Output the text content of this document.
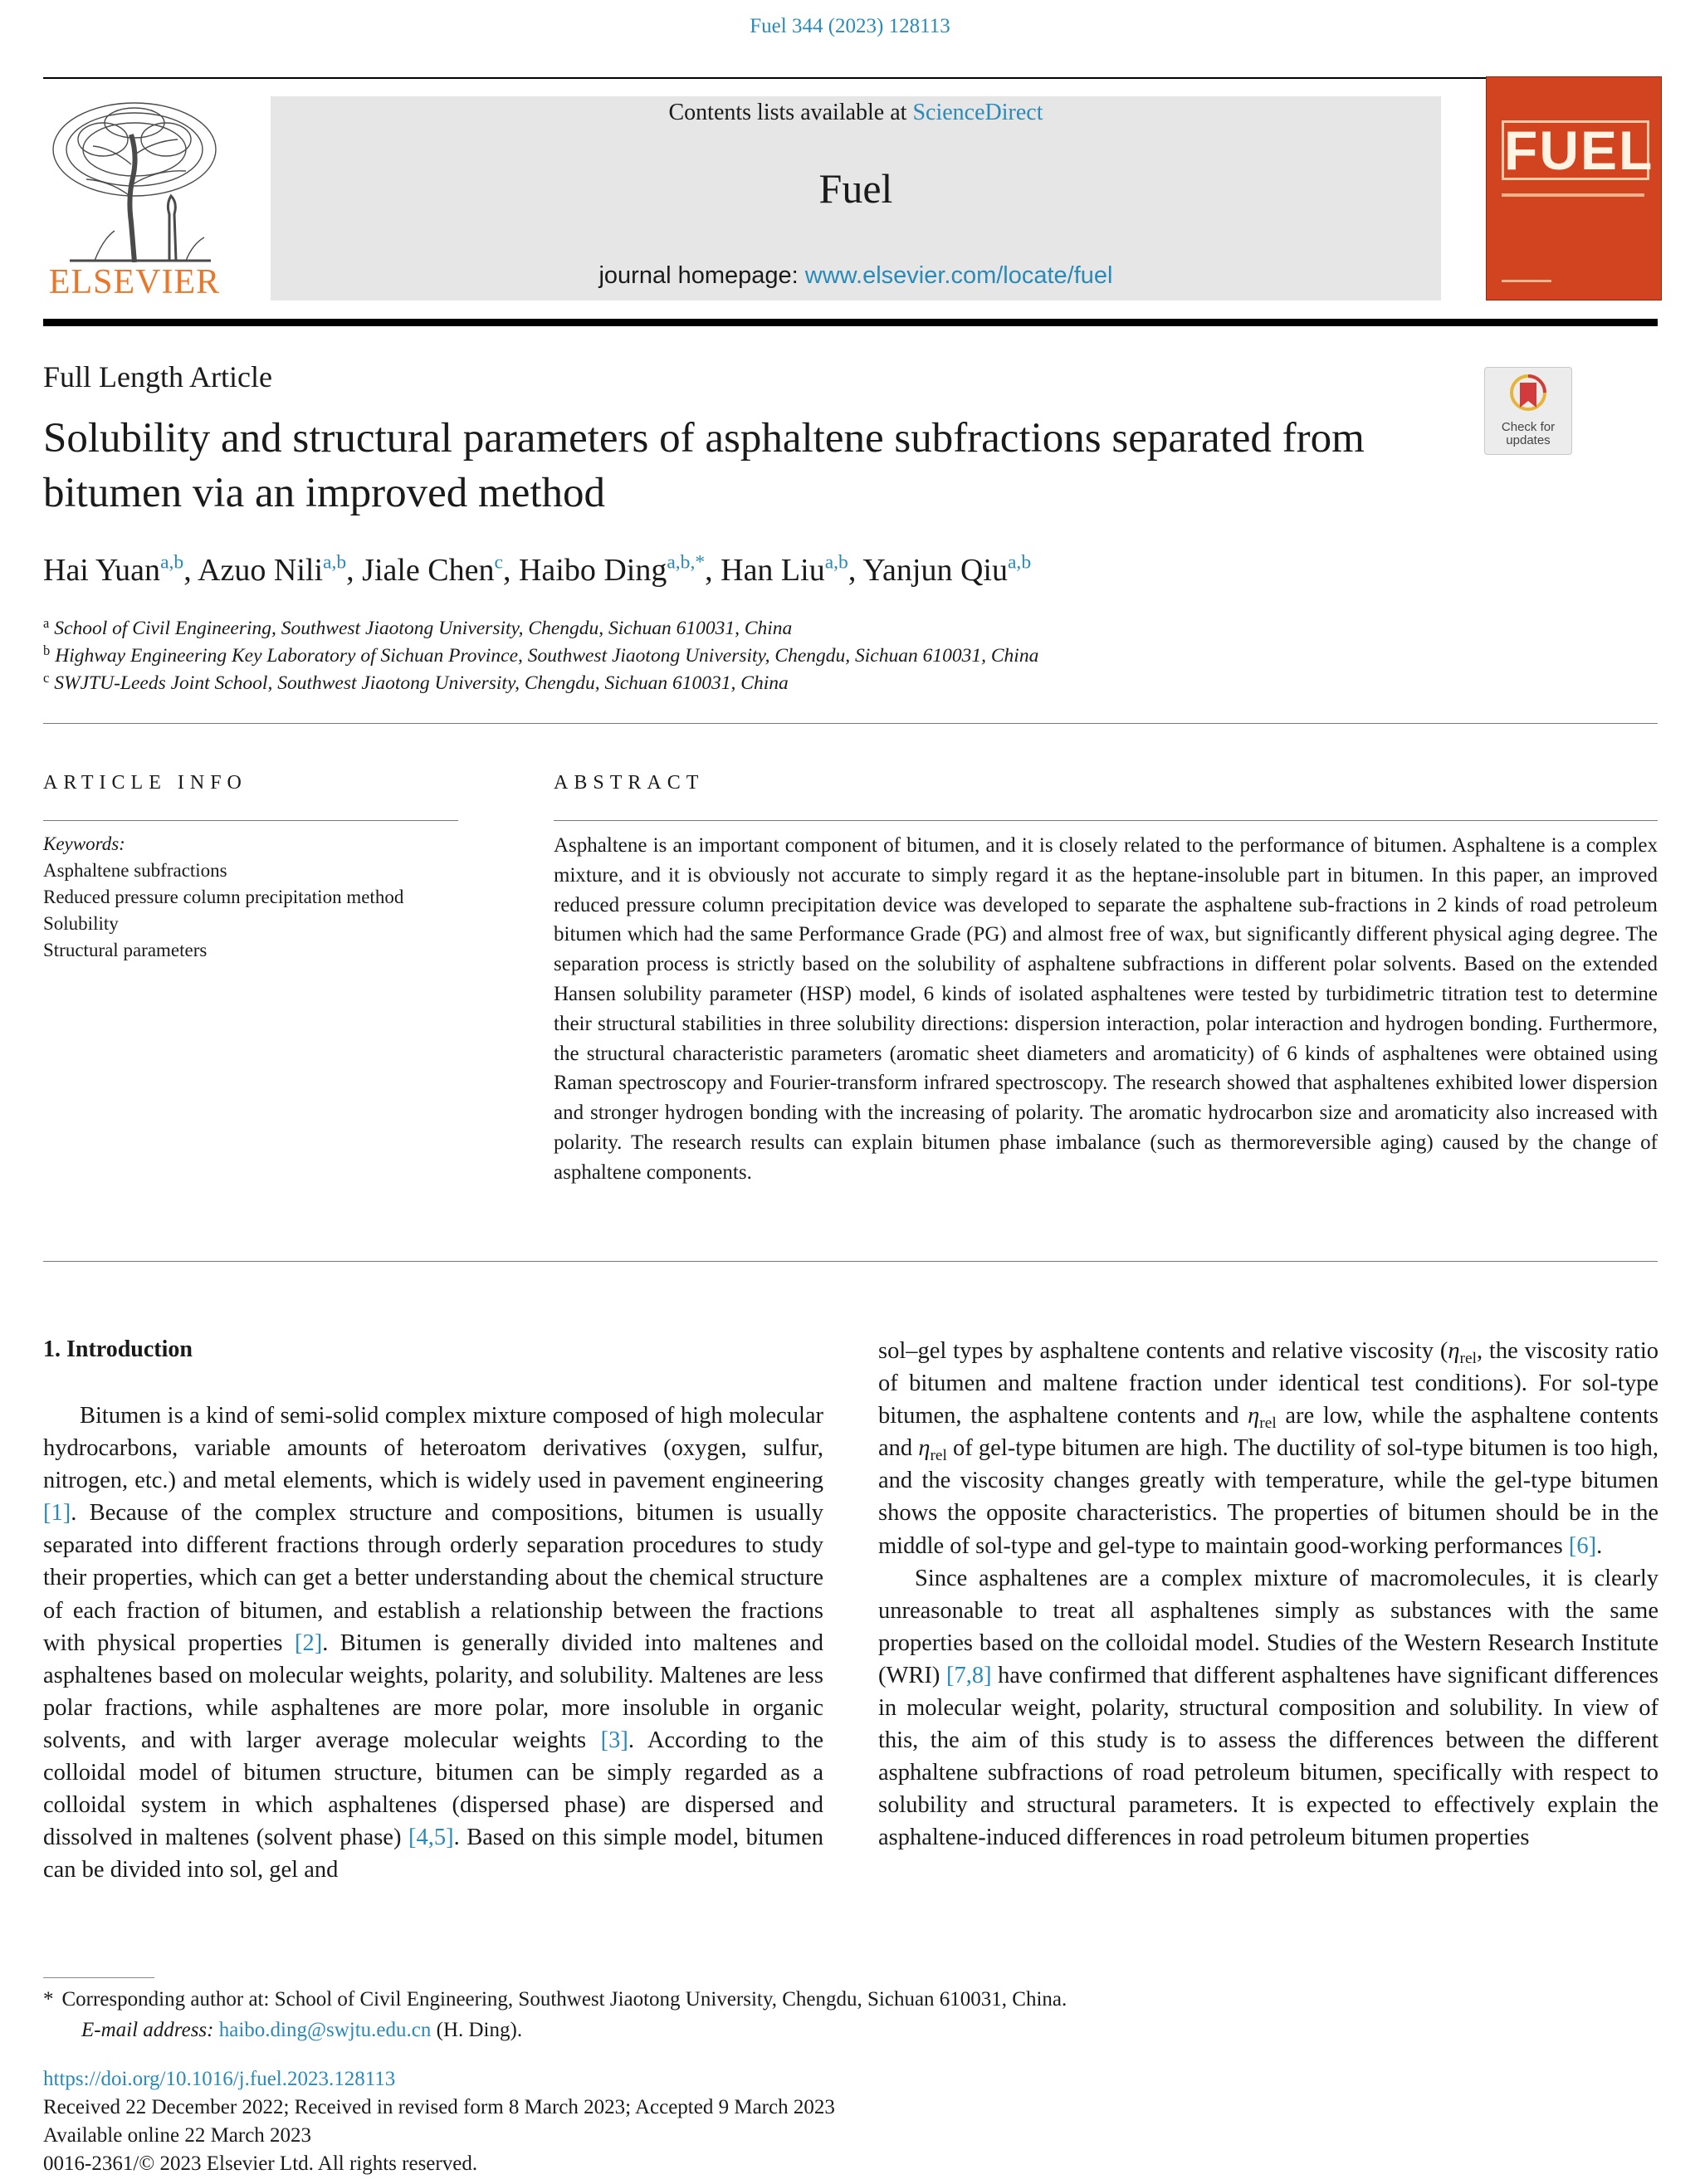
Fuel 344 (2023) 128113
ELSEVIER
Contents lists available at ScienceDirect
Fuel
journal homepage: www.elsevier.com/locate/fuel
FUEL
Full Length Article
Check for updates
Solubility and structural parameters of asphaltene subfractions separated from bitumen via an improved method
Hai Yuan$^{a,b}$, Azuo Nili$^{a,b}$, Jiale Chen$^c$, Haibo Ding$^{a,b,*}$, Han Liu$^{a,b}$, Yanjun Qiu$^{a,b}$
$^a$ School of Civil Engineering, Southwest Jiaotong University, Chengdu, Sichuan 610031, China
$^b$ Highway Engineering Key Laboratory of Sichuan Province, Southwest Jiaotong University, Chengdu, Sichuan 610031, China
$^c$ SWJTU-Leeds Joint School, Southwest Jiaotong University, Chengdu, Sichuan 610031, China
ARTICLE INFO	ABSTRACT
Keywords:
Asphaltene subfractions
Reduced pressure column precipitation method
Solubility
Structural parameters
Asphaltene is an important component of bitumen, and it is closely related to the performance of bitumen. Asphaltene is a complex mixture, and it is obviously not accurate to simply regard it as the heptane-insoluble part in bitumen. In this paper, an improved reduced pressure column precipitation device was developed to separate the asphaltene sub-fractions in 2 kinds of road petroleum bitumen which had the same Performance Grade (PG) and almost free of wax, but significantly different physical aging degree. The separation process is strictly based on the solubility of asphaltene subfractions in different polar solvents. Based on the extended Hansen solubility parameter (HSP) model, 6 kinds of isolated asphaltenes were tested by turbidimetric titration test to determine their structural stabilities in three solubility directions: dispersion interaction, polar interaction and hydrogen bonding. Furthermore, the structural characteristic parameters (aromatic sheet diameters and aromaticity) of 6 kinds of asphaltenes were obtained using Raman spectroscopy and Fourier-transform infrared spectroscopy. The research showed that asphaltenes exhibited lower dispersion and stronger hydrogen bonding with the increasing of polarity. The aromatic hydrocarbon size and aromaticity also increased with polarity. The research results can explain bitumen phase imbalance (such as thermoreversible aging) caused by the change of asphaltene components.
1. Introduction

Bitumen is a kind of semi-solid complex mixture composed of high molecular hydrocarbons, variable amounts of heteroatom derivatives (oxygen, sulfur, nitrogen, etc.) and metal elements, which is widely used in pavement engineering [1]. Because of the complex structure and compositions, bitumen is usually separated into different fractions through orderly separation procedures to study their properties, which can get a better understanding about the chemical structure of each fraction of bitumen, and establish a relationship between the fractions with physical properties [2]. Bitumen is generally divided into maltenes and asphaltenes based on molecular weights, polarity, and solubility. Maltenes are less polar fractions, while asphaltenes are more polar, more insoluble in organic solvents, and with larger average molecular weights [3]. According to the colloidal model of bitumen structure, bitumen can be simply regarded as a colloidal system in which asphaltenes (dispersed phase) are dispersed and dissolved in maltenes (solvent phase) [4,5]. Based on this simple model, bitumen can be divided into sol, gel and

sol–gel types by asphaltene contents and relative viscosity ($\eta_{rel}$, the viscosity ratio of bitumen and maltene fraction under identical test conditions). For sol-type bitumen, the asphaltene contents and $\eta_{rel}$ are low, while the asphaltene contents and $\eta_{rel}$ of gel-type bitumen are high. The ductility of sol-type bitumen is too high, and the viscosity changes greatly with temperature, while the gel-type bitumen shows the opposite characteristics. The properties of bitumen should be in the middle of sol-type and gel-type to maintain good-working performances [6].

Since asphaltenes are a complex mixture of macromolecules, it is clearly unreasonable to treat all asphaltenes simply as substances with the same properties based on the colloidal model. Studies of the Western Research Institute (WRI) [7,8] have confirmed that different asphaltenes have significant differences in molecular weight, polarity, structural composition and solubility. In view of this, the aim of this study is to assess the differences between the different asphaltene subfractions of road petroleum bitumen, specifically with respect to solubility and structural parameters. It is expected to effectively explain the asphaltene-induced differences in road petroleum bitumen properties

* Corresponding author at: School of Civil Engineering, Southwest Jiaotong University, Chengdu, Sichuan 610031, China.
E-mail address: haibo.ding@swjtu.edu.cn (H. Ding).
https://doi.org/10.1016/j.fuel.2023.128113
Received 22 December 2022; Received in revised form 8 March 2023; Accepted 9 March 2023
Available online 22 March 2023
0016-2361/© 2023 Elsevier Ltd. All rights reserved.
